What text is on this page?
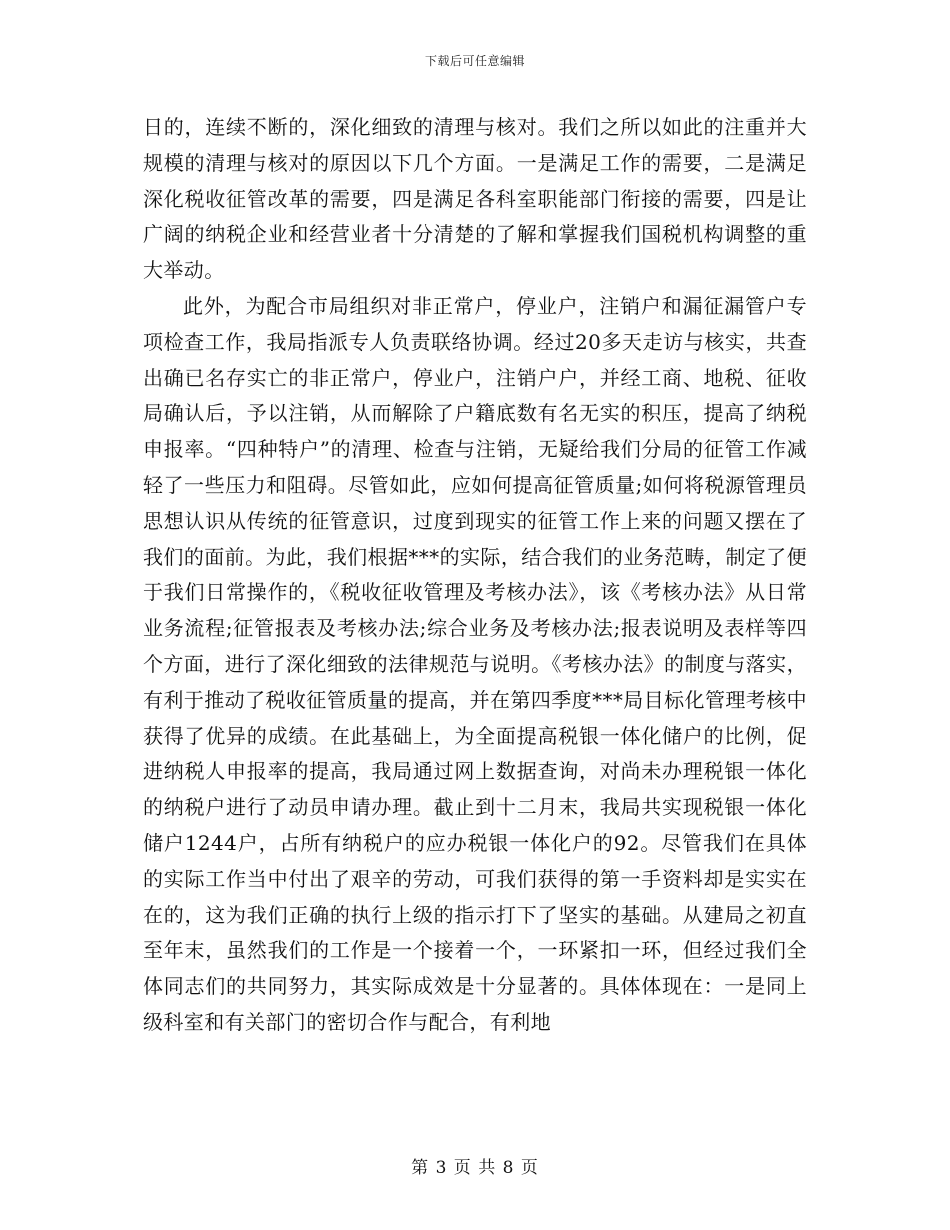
下载后可任意编辑

日的，连续不断的，深化细致的清理与核对。我们之所以如此的注重并大规模的清理与核对的原因以下几个方面。一是满足工作的需要，二是满足深化税收征管改革的需要，四是满足各科室职能部门衔接的需要，四是让广阔的纳税企业和经营业者十分清楚的了解和掌握我们国税机构调整的重大举动。

此外，为配合市局组织对非正常户，停业户，注销户和漏征漏管户专项检查工作，我局指派专人负责联络协调。经过20多天走访与核实，共查出确已名存实亡的非正常户，停业户，注销户户，并经工商、地税、征收局确认后，予以注销，从而解除了户籍底数有名无实的积压，提高了纳税申报率。“四种特户”的清理、检查与注销，无疑给我们分局的征管工作减轻了一些压力和阻碍。尽管如此，应如何提高征管质量;如何将税源管理员思想认识从传统的征管意识，过度到现实的征管工作上来的问题又摆在了我们的面前。为此，我们根据***的实际，结合我们的业务范畴，制定了便于我们日常操作的，《税收征收管理及考核办法》，该《考核办法》从日常业务流程;征管报表及考核办法;综合业务及考核办法;报表说明及表样等四个方面，进行了深化细致的法律规范与说明。《考核办法》的制度与落实，有利于推动了税收征管质量的提高，并在第四季度***局目标化管理考核中获得了优异的成绩。在此基础上，为全面提高税银一体化储户的比例，促进纳税人申报率的提高，我局通过网上数据查询，对尚未办理税银一体化的纳税户进行了动员申请办理。截止到十二月末，我局共实现税银一体化储户1244户，占所有纳税户的应办税银一体化户的92。尽管我们在具体的实际工作当中付出了艰辛的劳动，可我们获得的第一手资料却是实实在在的，这为我们正确的执行上级的指示打下了坚实的基础。从建局之初直至年末，虽然我们的工作是一个接着一个，一环紧扣一环，但经过我们全体同志们的共同努力，其实际成效是十分显著的。具体体现在：一是同上级科室和有关部门的密切合作与配合，有利地

第 3 页 共 8 页
